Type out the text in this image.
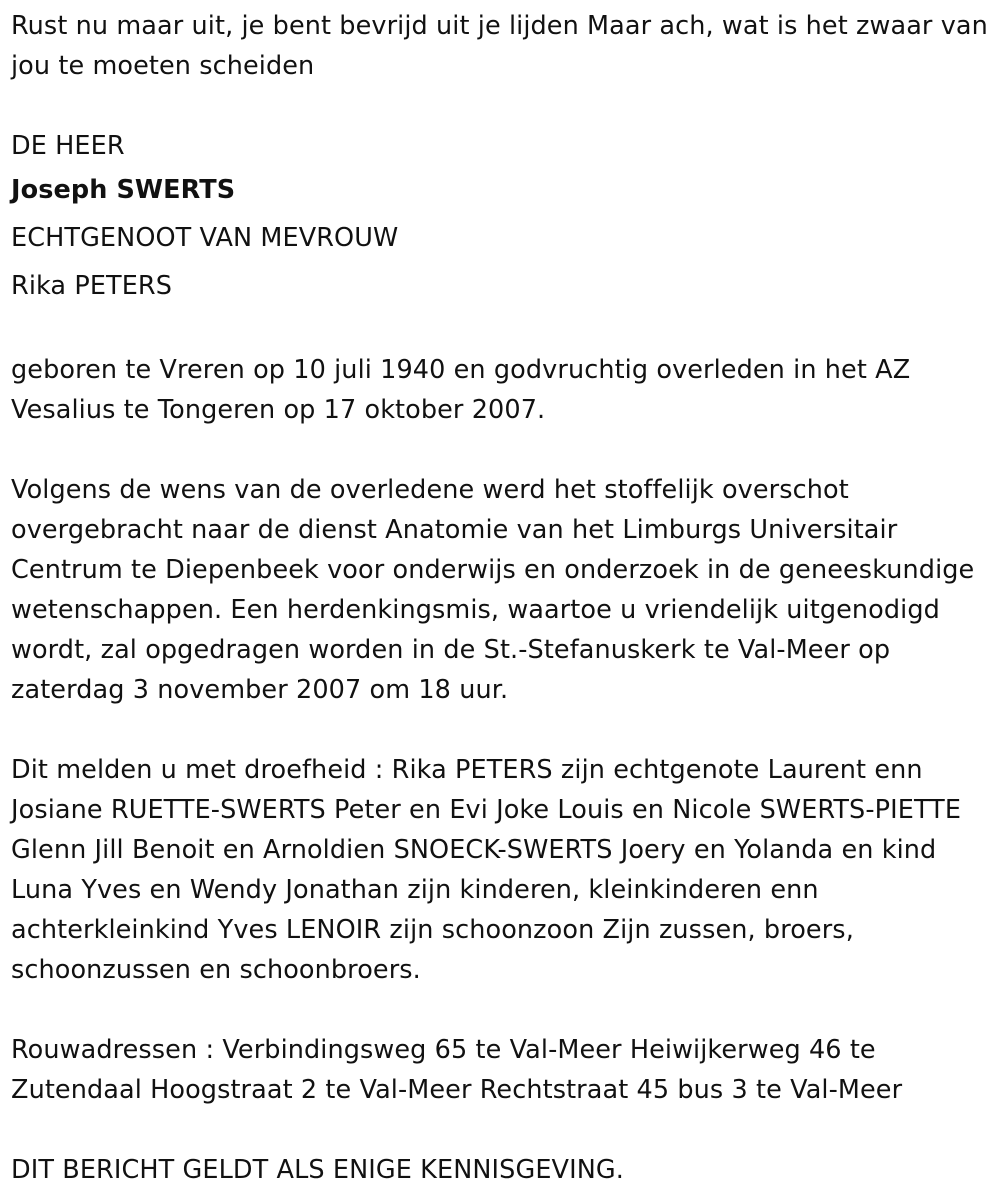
Rust nu maar uit, je bent bevrijd uit je lijden Maar ach, wat is het zwaar van jou te moeten scheiden

DE HEER

Joseph SWERTS

ECHTGENOOT VAN MEVROUW

Rika PETERS

geboren te Vreren op 10 juli 1940 en godvruchtig overleden in het AZ Vesalius te Tongeren op 17 oktober 2007.

Volgens de wens van de overledene werd het stoffelijk overschot overgebracht naar de dienst Anatomie van het Limburgs Universitair Centrum te Diepenbeek voor onderwijs en onderzoek in de geneeskundige wetenschappen. Een herdenkingsmis, waartoe u vriendelijk uitgenodigd wordt, zal opgedragen worden in de St.-Stefanuskerk te Val-Meer op zaterdag 3 november 2007 om 18 uur.

Dit melden u met droefheid : Rika PETERS zijn echtgenote Laurent enn Josiane RUETTE-SWERTS Peter en Evi Joke Louis en Nicole SWERTS-PIETTE Glenn Jill Benoit en Arnoldien SNOECK-SWERTS Joery en Yolanda en kind Luna Yves en Wendy Jonathan zijn kinderen, kleinkinderen enn achterkleinkind Yves LENOIR zijn schoonzoon Zijn zussen, broers, schoonzussen en schoonbroers.

Rouwadressen : Verbindingsweg 65 te Val-Meer Heiwijkerweg 46 te Zutendaal Hoogstraat 2 te Val-Meer Rechtstraat 45 bus 3 te Val-Meer

DIT BERICHT GELDT ALS ENIGE KENNISGEVING.
